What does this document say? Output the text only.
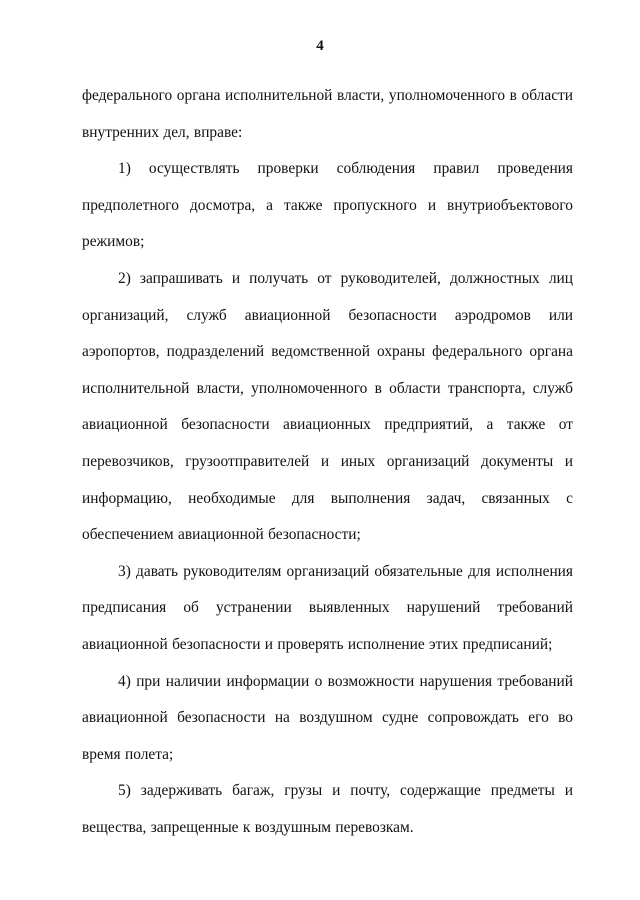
4

федерального органа исполнительной власти, уполномоченного в области внутренних дел, вправе:

1) осуществлять проверки соблюдения правил проведения предполетного досмотра, а также пропускного и внутриобъектового режимов;

2) запрашивать и получать от руководителей, должностных лиц организаций, служб авиационной безопасности аэродромов или аэропортов, подразделений ведомственной охраны федерального органа исполнительной власти, уполномоченного в области транспорта, служб авиационной безопасности авиационных предприятий, а также от перевозчиков, грузоотправителей и иных организаций документы и информацию, необходимые для выполнения задач, связанных с обеспечением авиационной безопасности;

3) давать руководителям организаций обязательные для исполнения предписания об устранении выявленных нарушений требований авиационной безопасности и проверять исполнение этих предписаний;

4) при наличии информации о возможности нарушения требований авиационной безопасности на воздушном судне сопровождать его во время полета;

5) задерживать багаж, грузы и почту, содержащие предметы и вещества, запрещенные к воздушным перевозкам.
